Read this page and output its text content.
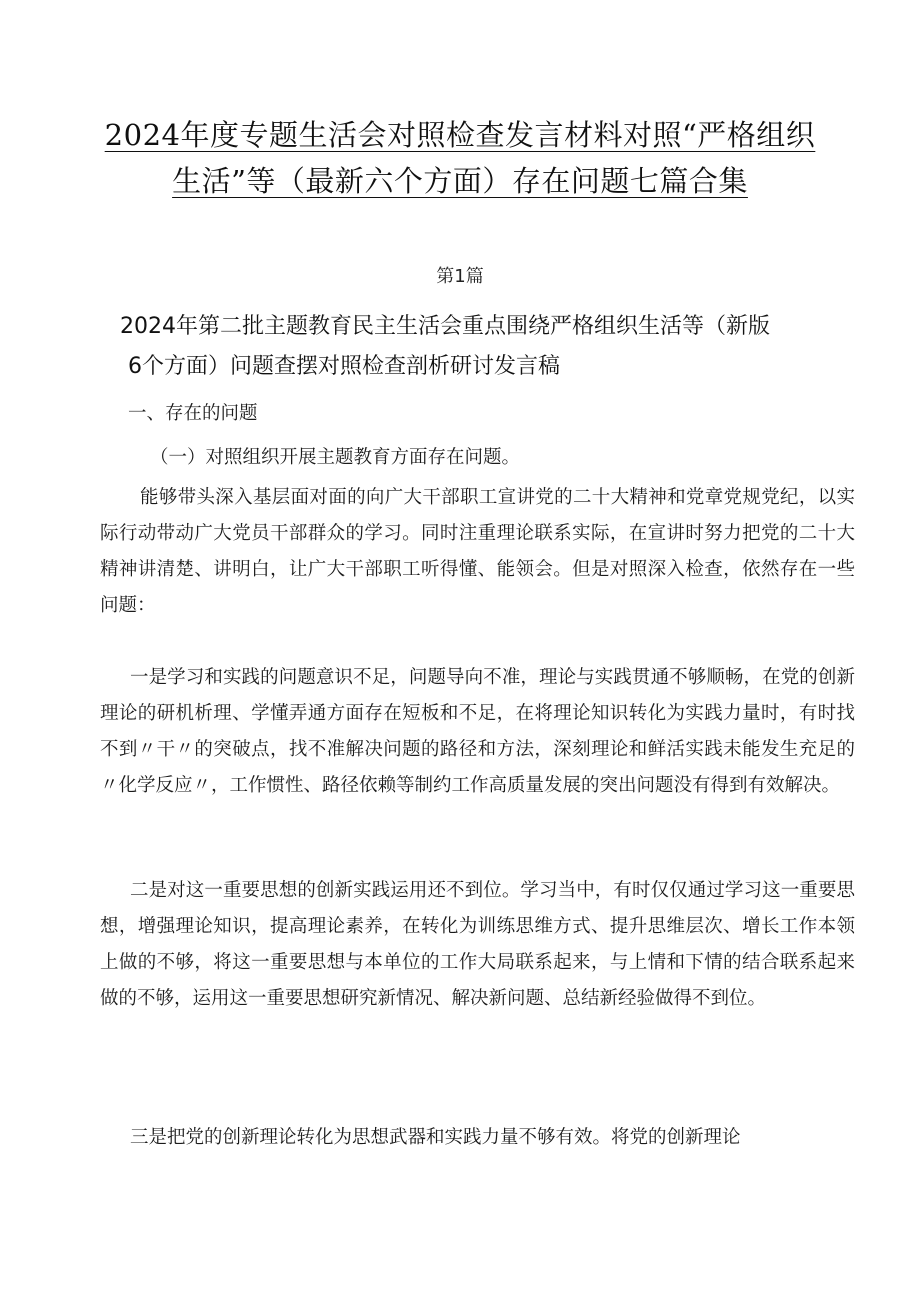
2024年度专题生活会对照检查发言材料对照“严格组织
生活”等（最新六个方面）存在问题七篇合集
第1篇
2024年第二批主题教育民主生活会重点围绕严格组织生活等（新版
6个方面）问题查摆对照检查剖析研讨发言稿

一、存在的问题

（一）对照组织开展主题教育方面存在问题。

能够带头深入基层面对面的向广大干部职工宣讲党的二十大精神和党章党规党纪，以实际行动带动广大党员干部群众的学习。同时注重理论联系实际，在宣讲时努力把党的二十大精神讲清楚、讲明白，让广大干部职工听得懂、能领会。但是对照深入检查，依然存在一些问题：

一是学习和实践的问题意识不足，问题导向不准，理论与实践贯通不够顺畅，在党的创新理论的研机析理、学懂弄通方面存在短板和不足，在将理论知识转化为实践力量时，有时找不到〃干〃的突破点，找不准解决问题的路径和方法，深刻理论和鲜活实践未能发生充足的〃化学反应〃，工作惯性、路径依赖等制约工作高质量发展的突出问题没有得到有效解决。

二是对这一重要思想的创新实践运用还不到位。学习当中，有时仅仅通过学习这一重要思想，增强理论知识，提高理论素养，在转化为训练思维方式、提升思维层次、增长工作本领上做的不够，将这一重要思想与本单位的工作大局联系起来，与上情和下情的结合联系起来做的不够，运用这一重要思想研究新情况、解决新问题、总结新经验做得不到位。

三是把党的创新理论转化为思想武器和实践力量不够有效。将党的创新理论
